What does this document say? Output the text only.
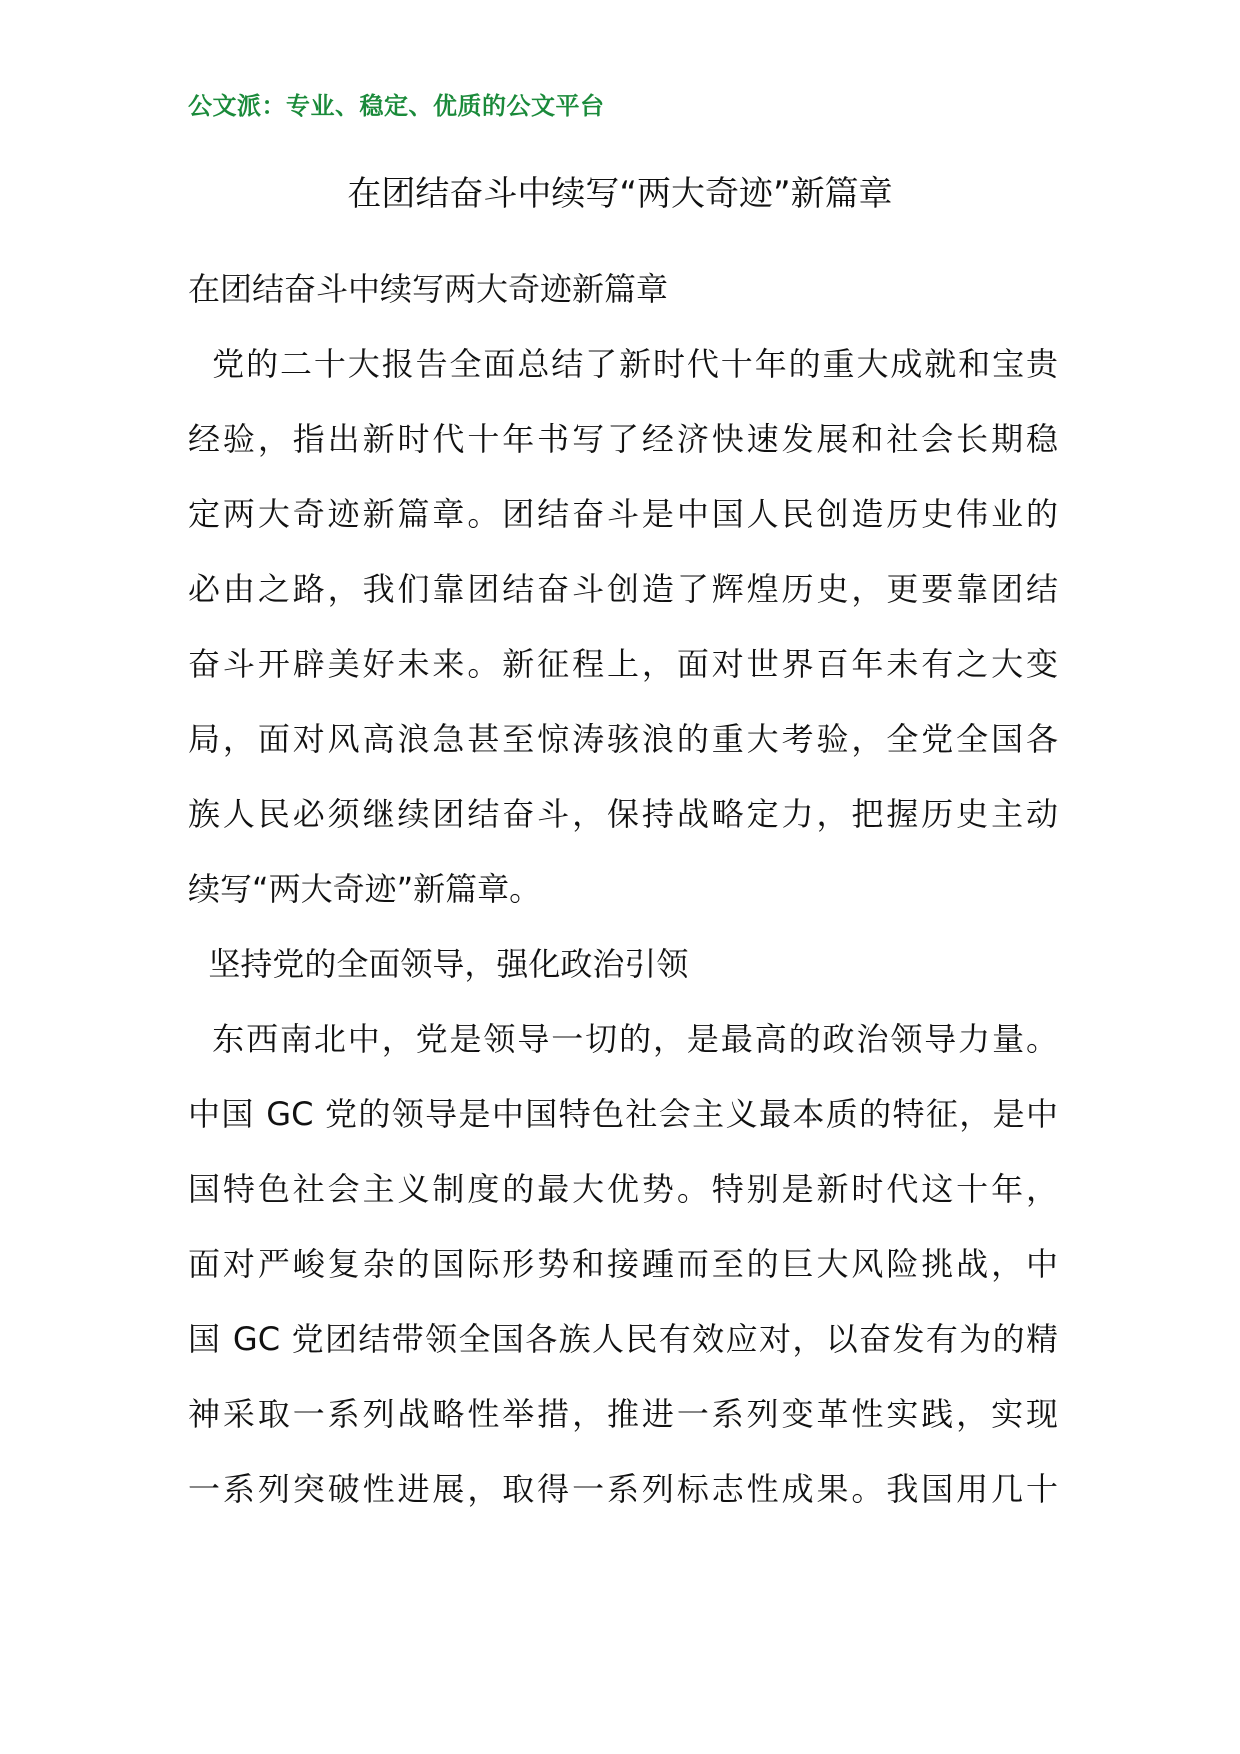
公文派：专业、稳定、优质的公文平台
在团结奋斗中续写“两大奇迹”新篇章
在团结奋斗中续写两大奇迹新篇章
党的二十大报告全面总结了新时代十年的重大成就和宝贵
经验，指出新时代十年书写了经济快速发展和社会长期稳
定两大奇迹新篇章。团结奋斗是中国人民创造历史伟业的
必由之路，我们靠团结奋斗创造了辉煌历史，更要靠团结
奋斗开辟美好未来。新征程上，面对世界百年未有之大变
局，面对风高浪急甚至惊涛骇浪的重大考验，全党全国各
族人民必须继续团结奋斗，保持战略定力，把握历史主动
续写“两大奇迹”新篇章。
坚持党的全面领导，强化政治引领
东西南北中，党是领导一切的，是最高的政治领导力量。
中国 GC 党的领导是中国特色社会主义最本质的特征，是中
国特色社会主义制度的最大优势。特别是新时代这十年，
面对严峻复杂的国际形势和接踵而至的巨大风险挑战，中
国 GC 党团结带领全国各族人民有效应对，以奋发有为的精
神采取一系列战略性举措，推进一系列变革性实践，实现
一系列突破性进展，取得一系列标志性成果。我国用几十
